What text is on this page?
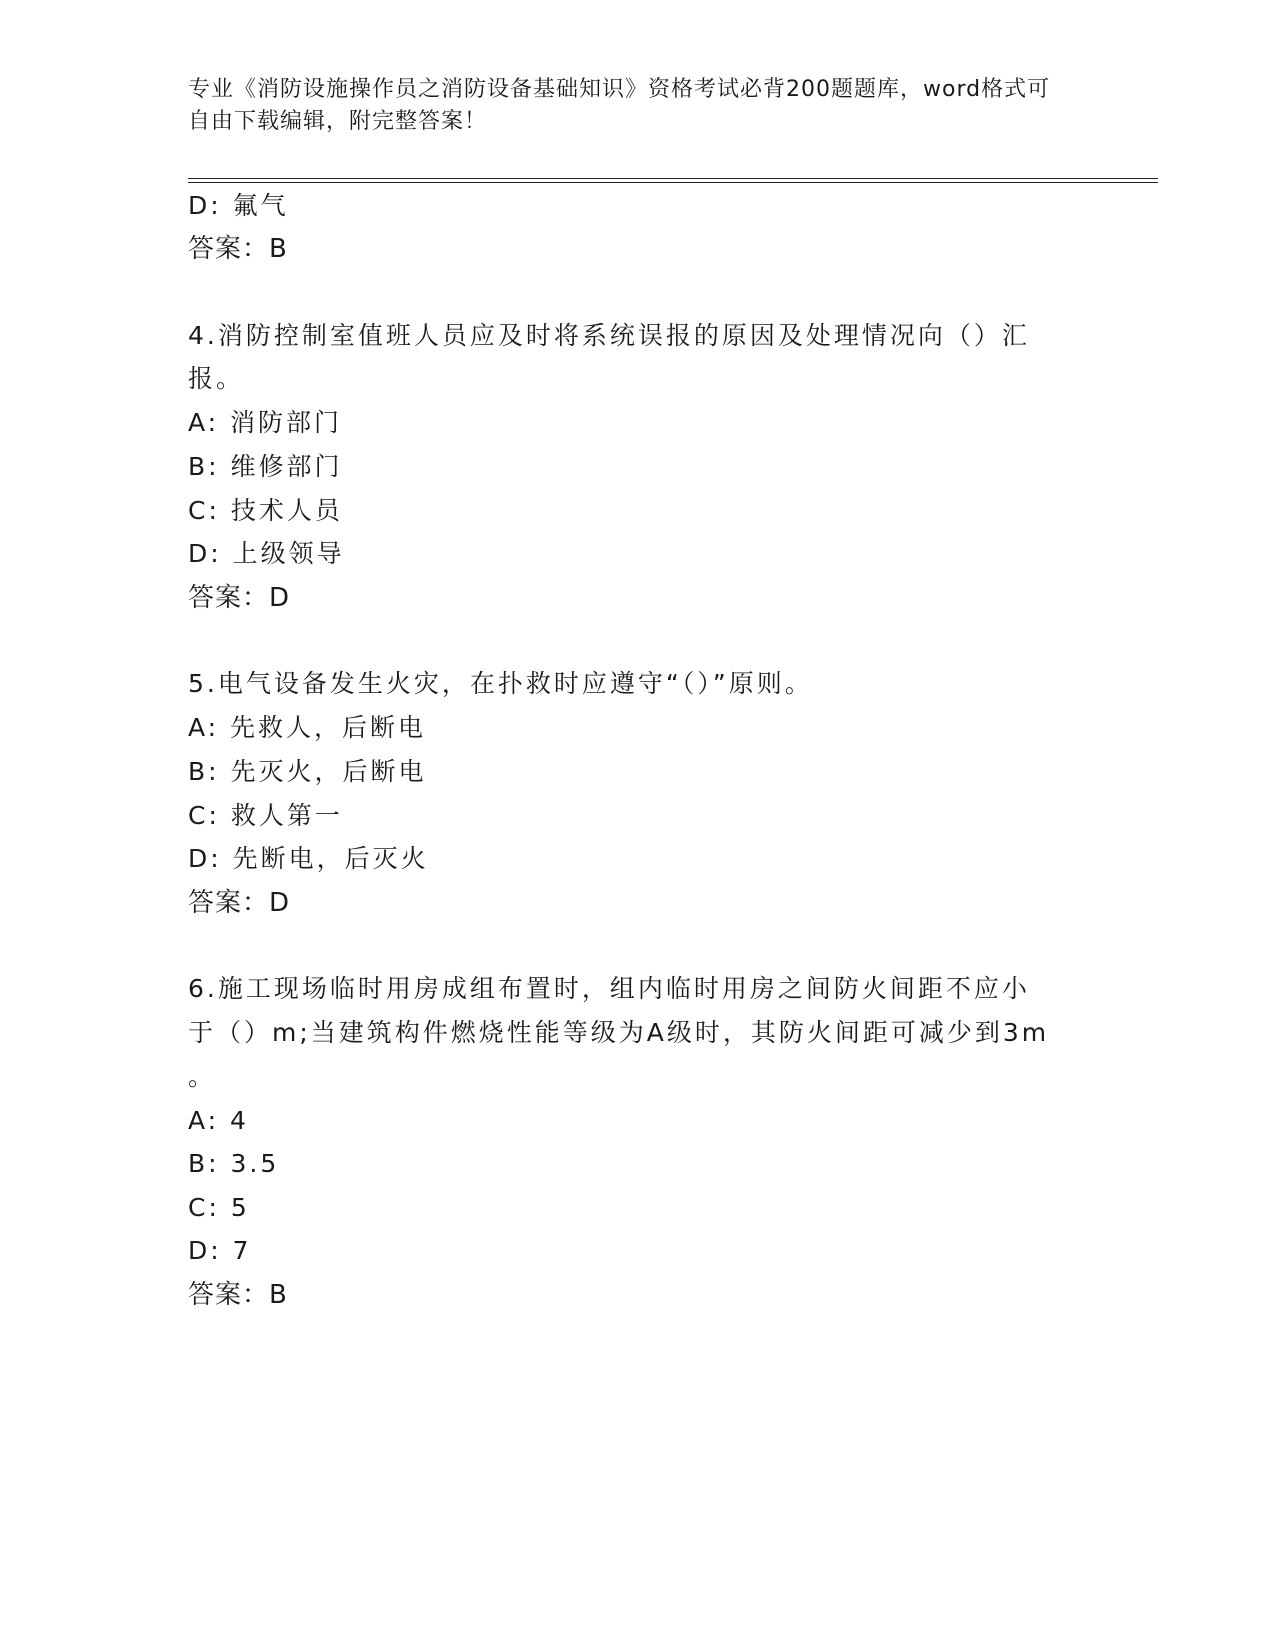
专业《消防设施操作员之消防设备基础知识》资格考试必背200题题库，word格式可自由下载编辑，附完整答案！
D: 氟气
答案：B
4.消防控制室值班人员应及时将系统误报的原因及处理情况向（）汇
报。
A: 消防部门
B: 维修部门
C: 技术人员
D: 上级领导
答案：D
5.电气设备发生火灾，在扑救时应遵守“（）”原则。
A: 先救人，后断电
B: 先灭火，后断电
C: 救人第一
D: 先断电，后灭火
答案：D
6.施工现场临时用房成组布置时，组内临时用房之间防火间距不应小
于（）m;当建筑构件燃烧性能等级为A级时，其防火间距可减少到3m
。
A: 4
B: 3.5
C: 5
D: 7
答案：B
